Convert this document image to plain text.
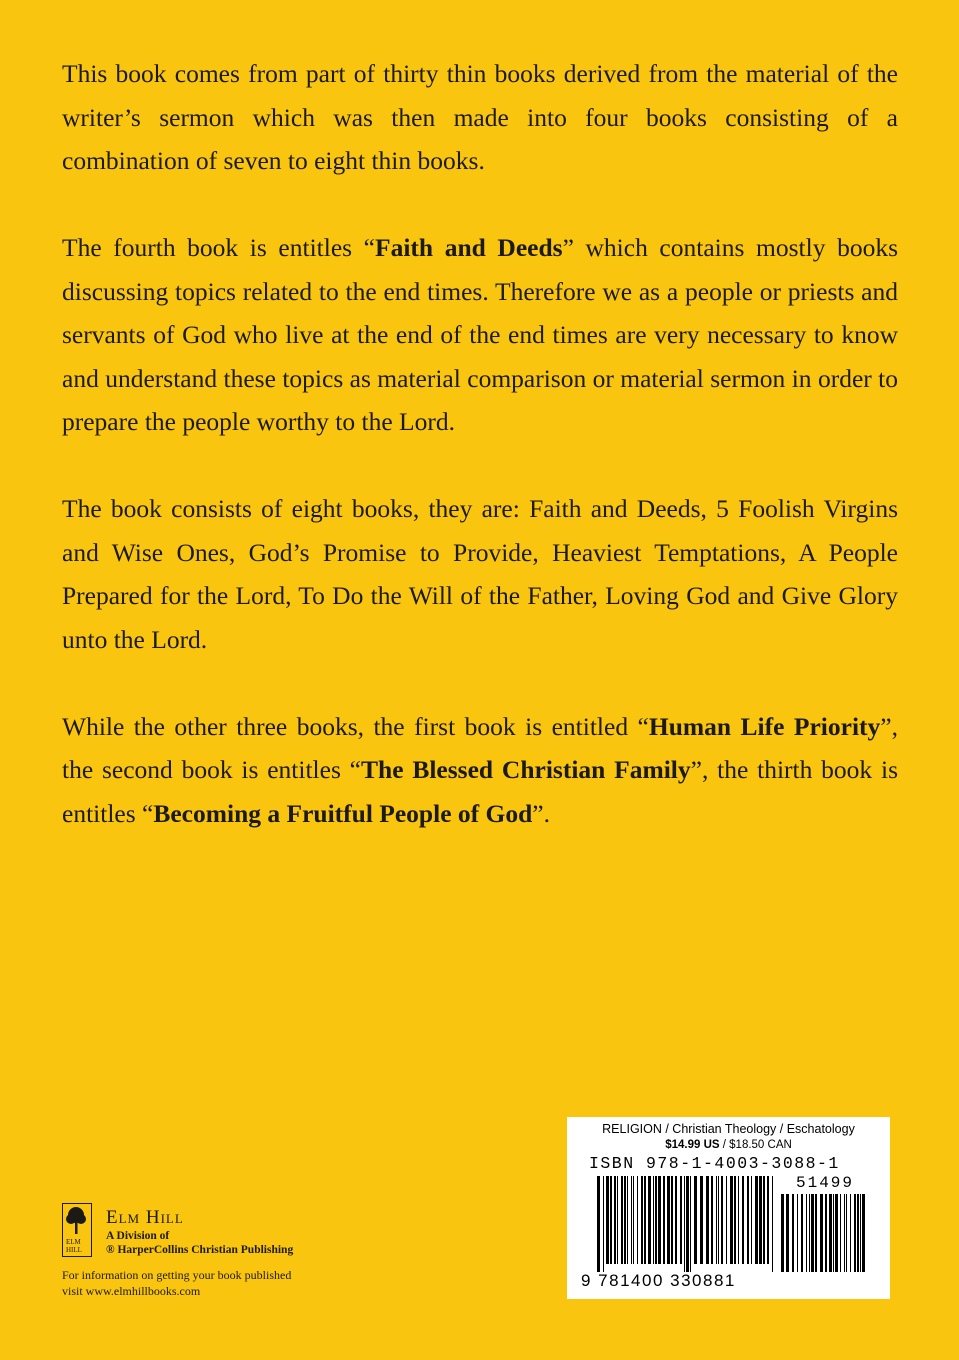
This book comes from part of thirty thin books derived from the material of the writer’s sermon which was then made into four books consisting of a combination of seven to eight thin books.

The fourth book is entitles “Faith and Deeds” which contains mostly books discussing topics related to the end times. Therefore we as a people or priests and servants of God who live at the end of the end times are very necessary to know and understand these topics as material comparison or material sermon in order to prepare the people worthy to the Lord.

The book consists of eight books, they are: Faith and Deeds, 5 Foolish Virgins and Wise Ones, God’s Promise to Provide, Heaviest Temptations, A People Prepared for the Lord, To Do the Will of the Father, Loving God and Give Glory unto the Lord.

While the other three books, the first book is entitled “Human Life Priority”, the second book is entitles “The Blessed Christian Family”, the thirth book is entitles “Becoming a Fruitful People of God”.

ELM
HILL
Elm Hill
A Division of
® HarperCollins Christian Publishing
For information on getting your book published
visit www.elmhillbooks.com
RELIGION / Christian Theology / Eschatology
$14.99 US / $18.50 CAN
ISBN 978-1-4003-3088-1
51499
9 781400 330881
